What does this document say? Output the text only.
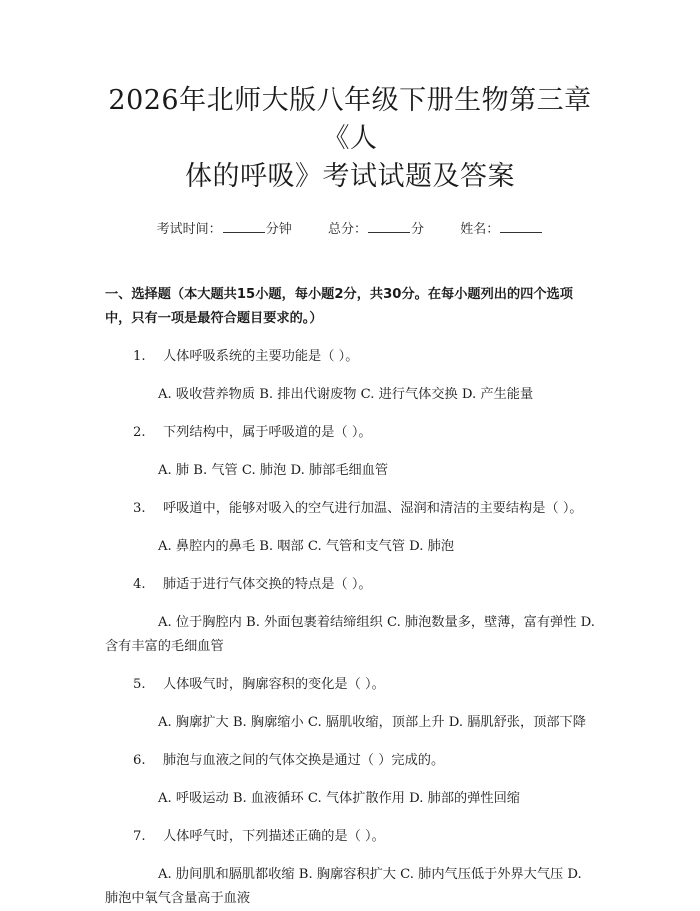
2026年北师大版八年级下册生物第三章《人
体的呼吸》考试试题及答案
考试时间：	分钟	总分：	分	姓名：
一、选择题（本大题共15小题，每小题2分，共30分。在每小题列出的四个选项中，只有一项是最符合题目要求的。）
1. 人体呼吸系统的主要功能是（ ）。
A. 吸收营养物质 B. 排出代谢废物 C. 进行气体交换 D. 产生能量
2. 下列结构中，属于呼吸道的是（ ）。
A. 肺 B. 气管 C. 肺泡 D. 肺部毛细血管
3. 呼吸道中，能够对吸入的空气进行加温、湿润和清洁的主要结构是（ ）。
A. 鼻腔内的鼻毛 B. 咽部 C. 气管和支气管 D. 肺泡
4. 肺适于进行气体交换的特点是（ ）。
A. 位于胸腔内 B. 外面包裹着结缔组织 C. 肺泡数量多，壁薄，富有弹性 D. 含有丰富的毛细血管
5. 人体吸气时，胸廓容积的变化是（ ）。
A. 胸廓扩大 B. 胸廓缩小 C. 膈肌收缩，顶部上升 D. 膈肌舒张，顶部下降
6. 肺泡与血液之间的气体交换是通过（ ）完成的。
A. 呼吸运动 B. 血液循环 C. 气体扩散作用 D. 肺部的弹性回缩
7. 人体呼气时，下列描述正确的是（ ）。
A. 肋间肌和膈肌都收缩 B. 胸廓容积扩大 C. 肺内气压低于外界大气压 D. 肺泡中氧气含量高于血液
